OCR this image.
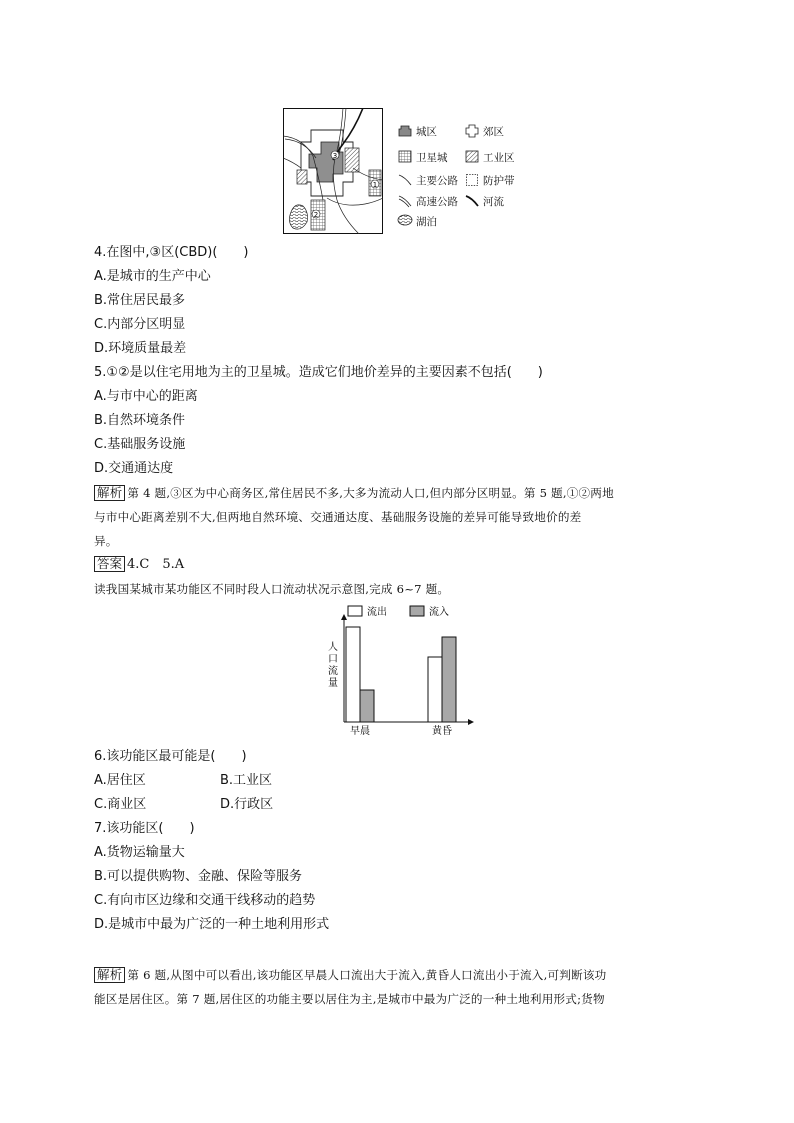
3
1
2
城区	郊区
卫星城	工业区
主要公路 防护带
高速公路 河流
湖泊
4.在图中,③区(CBD)(　　)
A.是城市的生产中心
B.常住居民最多
C.内部分区明显
D.环境质量最差
5.①②是以住宅用地为主的卫星城。造成它们地价差异的主要因素不包括(　　)
A.与市中心的距离
B.自然环境条件
C.基础服务设施
D.交通通达度
解析 第 4 题,③区为中心商务区,常住居民不多,大多为流动人口,但内部分区明显。第 5 题,①②两地
与市中心距离差别不大,但两地自然环境、交通通达度、基础服务设施的差异可能导致地价的差
异。
答案 4.C　5.A
读我国某城市某功能区不同时段人口流动状况示意图,完成 6~7 题。
流出	流入
人口流量
早晨	黄昏
6.该功能区最可能是(　　)
A.居住区	B.工业区
C.商业区	D.行政区
7.该功能区(　　)
A.货物运输量大
B.可以提供购物、金融、保险等服务
C.有向市区边缘和交通干线移动的趋势
D.是城市中最为广泛的一种土地利用形式
解析 第 6 题,从图中可以看出,该功能区早晨人口流出大于流入,黄昏人口流出小于流入,可判断该功
能区是居住区。第 7 题,居住区的功能主要以居住为主,是城市中最为广泛的一种土地利用形式;货物
